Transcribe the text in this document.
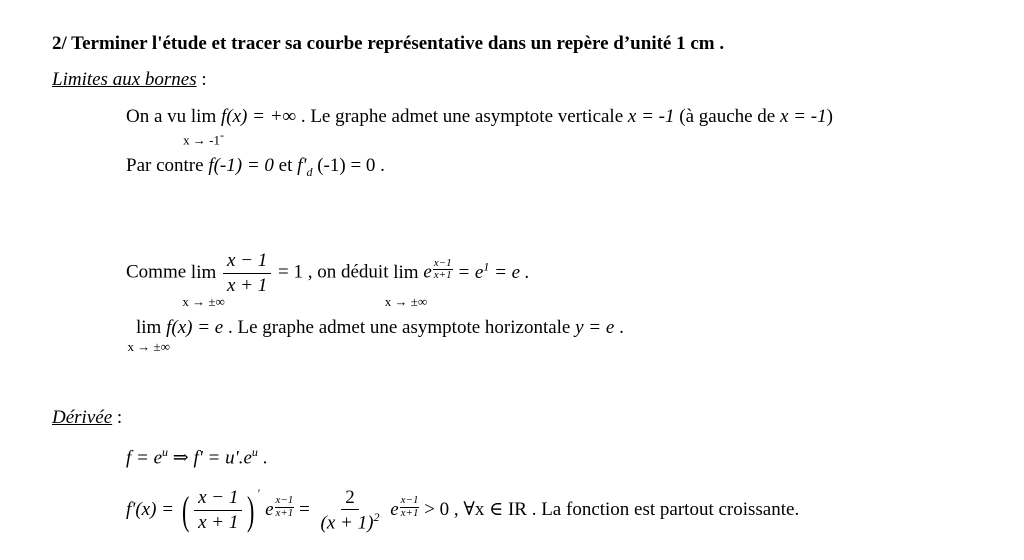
2/ Terminer l'étude et tracer sa courbe représentative dans un repère d’unité 1 cm .
Limites aux bornes :
On a vu lim
x → -1-
f(x) = +∞ . Le graphe admet une asymptote verticale x = -1 (à gauche de x = -1)
Par contre f(-1) = 0 et $f'_d$ (-1) = 0 .
Comme lim
x → ±∞

$\frac{x - 1}{x + 1} = 1$ , on déduit lim
x → ±∞
e $\frac{x-1}{x+1} = e^1 = e$ .
lim
x → ±∞
f(x) = e . Le graphe admet une asymptote horizontale y = e .
Dérivée :
$f = e^u$ ⇒ $f' = u'.e^u$ .
f'(x) = ( $\frac{x - 1}{x + 1}$ ) ′ e $\frac{x-1}{x+1} = \frac{2}{(x + 1)^2}$ e $\frac{x-1}{x+1} > 0$ , ∀x ∈ IR . La fonction est partout croissante.
